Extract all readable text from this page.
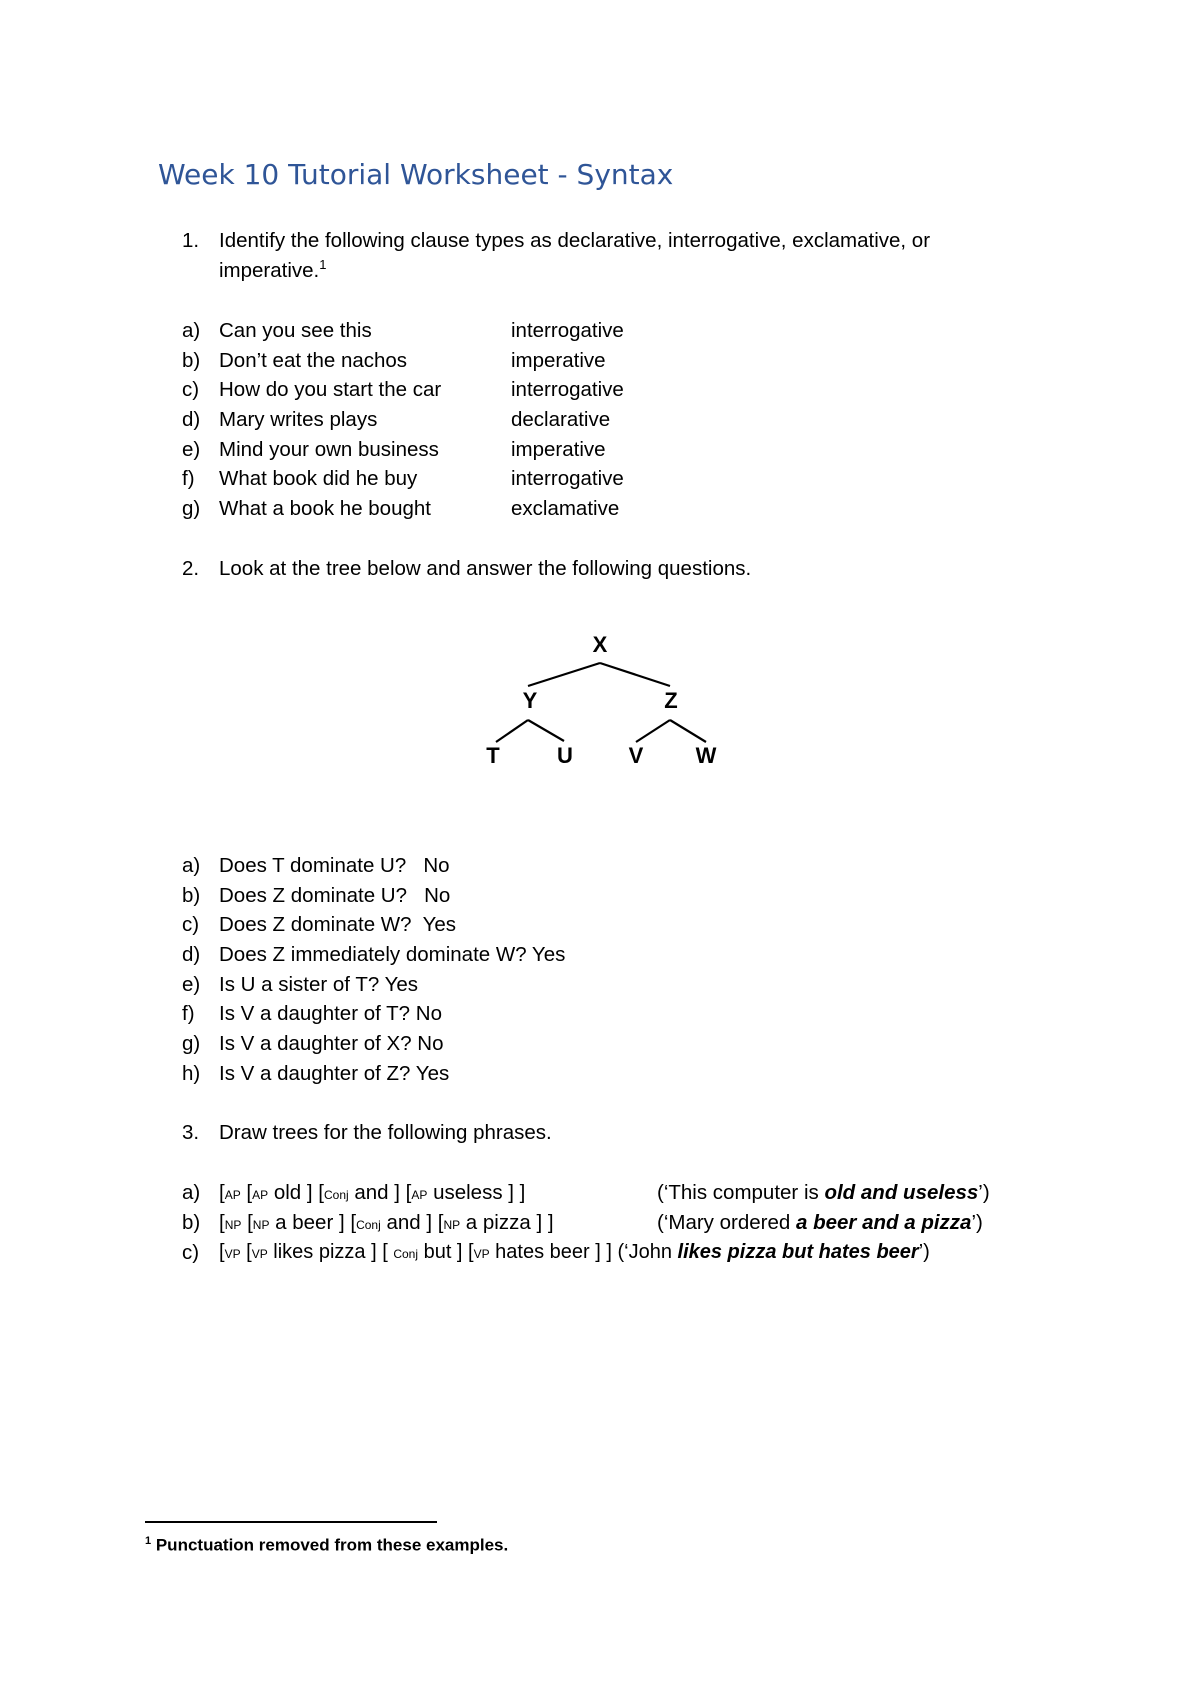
Week 10 Tutorial Worksheet - Syntax
1. Identify the following clause types as declarative, interrogative, exclamative, or
imperative.$^1$
a) Can you see this	interrogative
b) Don’t eat the nachos	imperative
c) How do you start the car	interrogative
d) Mary writes plays	declarative
e) Mind your own business	imperative
f) What book did he buy	interrogative
g) What a book he bought	exclamative
2. Look at the tree below and answer the following questions.
X
Y	Z
T	U	V W
a) Does T dominate U?   No
b) Does Z dominate U?   No
c) Does Z dominate W?  Yes
d) Does Z immediately dominate W? Yes
e) Is U a sister of T? Yes
f) Is V a daughter of T? No
g) Is V a daughter of X? No
h) Is V a daughter of Z? Yes
3. Draw trees for the following phrases.
a) [AP [AP old ] [Conj and ] [AP useless ] ]	(‘This computer is old and useless’)
b) [NP [NP a beer ] [Conj and ] [NP a pizza ] ]	(‘Mary ordered a beer and a pizza’)
c) [VP [VP likes pizza ] [ Conj but ] [VP hates beer ] ] (‘John likes pizza but hates beer’)
$^1$ Punctuation removed from these examples.
